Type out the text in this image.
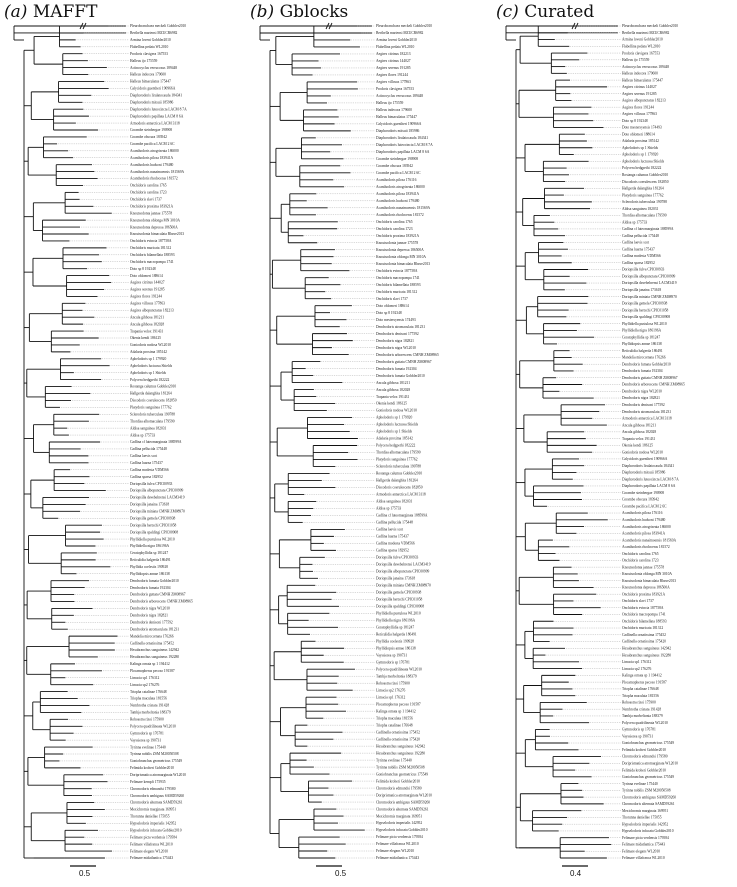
(a) MAFFT
Pleurobranchaea meckeli Gobbler2010
Berthella martensi MZUCR6982
Armina loveni Gobbler2010
Flabellina pedata WL2010
Prodoris clavigera 167553
Halleus ijo 175559
Actinocyclus verrucosus 189448
Halleus indecora 179600
Halleus bimaculatus 175447
Calycidoris guentheri 190966A
Diaphorodoris lirulatocauda 184341
Diaphorodoris mitsuii 185986
Diaphorodoris luteocincta LACM 8 7A
Diaphorodoris papillata LACM 8 6A
Armodoris antarctica LACM 3118
Corambe steinbergae 190908
Corambe obscura 183942
Corambe pacifica LACM 2 6C
Acanthodoris atrogriseata 186000
Acanthodoris pilosa 183941A
Acanthodoris hudsoni 179480
Acanthodoris nanaimoensis 181569A
Acanthodoris rhodoceras 181572
Onchidoris carolina 1765
Onchidoris carolina 1723
Onchidoris slavi 1737
Onchidoris proxima 183921A
Knoutsodonta jannae 175578
Knoutsodonta oblonga MN 3010A
Knoutsodonta depressa 186500A
Knoutsodonta bimaculata Bhave2013
Onchidoris evincta 187758A
Onchidoris muricata 181312
Onchidoris bilamellata 188593
Onchidoris macropompa 1741
Doto sp 8 192348
Doto oblomeri 188614
Aegires citrinus 144027
Aegires serenus 191285
Aegires flores 191244
Aegires villosus 177863
Aegires albopunctatus 182213
Ancula gibbosa 181211
Ancula gibbosa 182028
Trapania velox 191431
Okenia kendi 186125
Goniodoris nodosa WL2010
Adalaria proxima 185142
Aphelodoris sp 1 179920
Aphelodoris luctuosa Shields
Aphelodoris sp 1 Shields
Polycera hedgpethi 182222
Rostanga calumus Gobbler2010
Hallgerda dalanghita 181264
Discodoris coerulescens 182850
Platydoris sanguinea 177762
Sclerodoris tuberculata 190788
Thordisa albomaculata 179590
Aldisa sanguinea 182031
Aldisa sp 175733
Cadlina cf luteomarginata 188599A
Cadlina pellucida 175448
Cadlina laevis scot
Cadlina luarna 175437
Cadlina modesta VDM566
Cadlina sparsa 182952
Doriopsilla fulva CPIC00933
Doriopsilla albopunctata CPIC00909
Doriopsilla davebehrensi LACM3419
Doriopsilla janaina 173618
Doriopsilla miniata CMNH ZM08970
Doriopsilla gemela CPIC00938
Doriopsilla bertschi CPIC01058
Doriopsilla spaldingi CPIC00908
Phyllidiella pustulosa WL2010
Phyllidiella nigra 186196A
Ceratophyllidia sp 181247
Reticulidia halgerda 186491
Phyllidia coelestis 190928
Phyllidiopsis annae 186138
Dendrodoris fumata Gobbler2010
Dendrodoris fumata 192304
Dendrodoris guttata CMNH ZM08967
Dendrodoris arborescens CMNH ZM08965
Dendrodoris nigra WL2010
Dendrodoris nigra 182821
Dendrodoris denisoni 177592
Dendrodoris atromaculata 181231
Mandelia mirocornata 176266
Cadlinella ornatissima 175452
Hexabranchus sanguineus 142942
Hexabranchus sanguineus 192280
Kalinga ornata sp 1 194412
Plocamopherus pecoso 191587
Limacia sp1 176312
Limacia sp2 176276
Triopha catalinae 176648
Triopha maculata 181556
Nembrotha cristata 191428
Tambja morbeltonia 188379
Roboastra rizoi 175900
Polycera quadrilineata WL2010
Gymnodoris sp 176781
Vayssierea sp 190731
Tyrinna evelinae 175440
Tyrinna nobilis ZSM M20050508
Goniobranchus geometricus 175549
Felimida kroheri Gobbler2010
Doriprismatica atromarginata WL2010
Felimare kempfi 175935
Chromodoris edmundsi 179580
Chromodoris ambiguus SAMD59260
Chromodoris alternata SAMD59261
Mexichromis marginata 169951
Thorunna daniellae 175055
Hypselodoris imperialis 142952
Hypselodoris infucata Gobbler2010
Felimare picta verdensis 179584
Felimare villafranca WL2010
Felimare elegans WL2010
Felimare midatlantica 175443
0.5
(b) Gblocks
Pleurobranchaea meckeli Gobbler2010
Berthella martensi MZUCR6982
Armina loveni Gobbler2010
Flabellina pedata WL2010
Aegires citrinus 182213
Aegires citrinus 144027
Aegires serenus 191285
Aegires flores 191244
Aegires villosus 177863
Prodoris clavigera 167553
Actinocyclus verrucosus 189448
Halleus ijo 175559
Halleus indecora 179600
Halleus bimaculatus 175447
Calycidoris guentheri 190966A
Diaphorodoris mitsuii 185986
Diaphorodoris lirulatocauda 184341
Diaphorodoris luteocincta LACM 8 7A
Diaphorodoris papillata LACM 8 6A
Corambe steinbergae 190908
Corambe obscura 183942
Corambe pacifica LACM 2 6C
Acanthodoris pilosa 176116
Acanthodoris atrogriseata 186000
Acanthodoris pilosa 183941A
Acanthodoris hudsoni 179480
Acanthodoris nanaimoensis 181569A
Acanthodoris rhodoceras 181572
Onchidoris carolina 1765
Onchidoris carolina 1723
Onchidoris proxima 183921A
Knoutsodonta jannae 175578
Knoutsodonta depressa 186500A
Knoutsodonta oblonga MN 3010A
Knoutsodonta bimaculata Bhave2013
Onchidoris evincta 187758A
Onchidoris macropompa 1741
Onchidoris bilamellata 188593
Onchidoris muricata 181312
Onchidoris slavi 1737
Doto oblomeri 188614
Doto sp 8 192348
Doto mestersyensis 174493
Dendrodoris atromaculata 181231
Dendrodoris denisoni 177592
Dendrodoris nigra 182821
Dendrodoris nigra WL2010
Dendrodoris arborescens CMNH ZM08965
Dendrodoris guttata CMNH ZM08967
Dendrodoris fumata 192304
Dendrodoris fumata Gobbler2010
Ancula gibbosa 181211
Ancula gibbosa 182028
Trapania velox 191431
Okenia kendi 186125
Goniodoris nodosa WL2010
Aphelodoris sp 1 179920
Aphelodoris luctuosa Shields
Aphelodoris sp 1 Shields
Adalaria proxima 185142
Polycera hedgpethi 182222
Thordisa albomaculata 179590
Platydoris sanguinea 177762
Sclerodoris tuberculata 190788
Rostanga calumus Gobbler2010
Hallgerda dalanghita 181264
Discodoris coerulescens 182850
Armodoris antarctica LACM 3118
Aldisa sanguinea 182031
Aldisa sp 175733
Cadlina cf luteomarginata 188599A
Cadlina pellucida 175448
Cadlina laevis scot
Cadlina luarna 175437
Cadlina modesta VDM566
Cadlina sparsa 182952
Doriopsilla fulva CPIC00933
Doriopsilla davebehrensi LACM3419
Doriopsilla albopunctata CPIC00909
Doriopsilla janaina 173618
Doriopsilla miniata CMNH ZM08970
Doriopsilla gemela CPIC00938
Doriopsilla bertschi CPIC01058
Doriopsilla spaldingi CPIC00908
Phyllidiella pustulosa WL2010
Phyllidiella nigra 186196A
Ceratophyllidia sp 181247
Reticulidia halgerda 186491
Phyllidia coelestis 190928
Phyllidiopsis annae 186138
Vayssierea sp 190731
Gymnodoris sp 176781
Polycera quadrilineata WL2010
Tambja morbeltonia 188379
Roboastra rizoi 175900
Limacia sp2 176276
Limacia sp1 176312
Plocamopherus pecoso 191587
Kalinga ornata sp 1 194412
Triopha maculata 181556
Triopha catalinae 176648
Cadlinella ornatissima 175452
Cadlinella ornatissima 175420
Hexabranchus sanguineus 142942
Hexabranchus sanguineus 192280
Tyrinna evelinae 175440
Tyrinna nobilis ZSM M20050508
Goniobranchus geometricus 175549
Felimida kroheri Gobbler2010
Chromodoris edmundsi 179580
Doriprismatica atromarginata WL2010
Chromodoris ambiguus SAMD59260
Chromodoris alternata SAMD59261
Mexichromis marginata 169951
Hypselodoris imperialis 142952
Hypselodoris infucata Gobbler2010
Felimare picta verdensis 179584
Felimare villafranca WL2010
Felimare elegans WL2010
Felimare midatlantica 175443
0.5
(c) Curated
Pleurobranchaea meckeli Gobbler2010
Berthella martensi MZUCR6982
Armina loveni Gobbler2010
Flabellina pedata WL2010
Prodoris clavigera 167553
Halleus ijo 175559
Actinocyclus verrucosus 189448
Halleus indecora 179600
Halleus bimaculatus 175447
Aegires citrinus 144027
Aegires serenus 191285
Aegires albopunctatus 182213
Aegires flores 191244
Aegires villosus 177863
Doto sp 8 192348
Doto mestersyensis 174493
Doto oblomeri 188614
Adalaria proxima 185142
Aphelodoris sp 1 Shields
Aphelodoris sp 1 179920
Aphelodoris luctuosa Shields
Polycera hedgpethi 182222
Rostanga calumus Gobbler2010
Discodoris coerulescens 182850
Hallgerda dalanghita 181264
Platydoris sanguinea 177762
Sclerodoris tuberculata 190788
Aldisa sanguinea 182031
Thordisa albomaculata 179590
Aldisa sp 175733
Cadlina cf luteomarginata 188599A
Cadlina pellucida 175448
Cadlina laevis scot
Cadlina luarna 175437
Cadlina modesta VDM566
Cadlina sparsa 182952
Doriopsilla fulva CPIC00933
Doriopsilla albopunctata CPIC00909
Doriopsilla davebehrensi LACM3419
Doriopsilla janaina 173618
Doriopsilla miniata CMNH ZM08970
Doriopsilla gemela CPIC00938
Doriopsilla bertschi CPIC01058
Doriopsilla spaldingi CPIC00908
Phyllidiella pustulosa WL2010
Phyllidiella nigra 186196A
Ceratophyllidia sp 181247
Phyllidiopsis annae 186138
Reticulidia halgerda 186491
Mandelia mirocornata 176266
Dendrodoris fumata Gobbler2010
Dendrodoris fumata 192304
Dendrodoris guttata CMNH ZM08967
Dendrodoris arborescens CMNH ZM08965
Dendrodoris nigra WL2010
Dendrodoris nigra 182821
Dendrodoris denisoni 177592
Dendrodoris atromaculata 181231
Armodoris antarctica LACM 3118
Ancula gibbosa 181211
Ancula gibbosa 182028
Trapania velox 191431
Okenia kendi 186125
Goniodoris nodosa WL2010
Calycidoris guentheri 190966A
Diaphorodoris lirulatocauda 184341
Diaphorodoris mitsuii 185986
Diaphorodoris luteocincta LACM 8 7A
Diaphorodoris papillata LACM 8 6A
Corambe steinbergae 190908
Corambe obscura 183942
Corambe pacifica LACM 2 6C
Acanthodoris pilosa 176116
Acanthodoris hudsoni 179480
Acanthodoris atrogriseata 186000
Acanthodoris pilosa 183941A
Acanthodoris nanaimoensis 181569A
Acanthodoris rhodoceras 181572
Onchidoris carolina 1765
Onchidoris carolina 1723
Knoutsodonta jannae 175578
Knoutsodonta oblonga MN 3010A
Knoutsodonta bimaculata Bhave2013
Knoutsodonta depressa 186500A
Onchidoris proxima 183921A
Onchidoris slavi 1737
Onchidoris evincta 187758A
Onchidoris macropompa 1741
Onchidoris bilamellata 188593
Onchidoris muricata 181312
Cadlinella ornatissima 175452
Cadlinella ornatissima 175420
Hexabranchus sanguineus 142942
Hexabranchus sanguineus 192280
Limacia sp1 176312
Limacia sp2 176276
Kalinga ornata sp 1 194412
Plocamopherus pecoso 191587
Triopha catalinae 176648
Triopha maculata 181556
Roboastra rizoi 175900
Nembrotha cristata 191428
Tambja morbeltonia 188379
Polycera quadrilineata WL2010
Gymnodoris sp 176781
Vayssierea sp 190731
Goniobranchus geometricus 175549
Felimida kroheri Gobbler2010
Chromodoris edmundsi 179580
Doriprismatica atromarginata WL2010
Felimida kroheri Gobbler2010
Goniobranchus geometricus 175549
Tyrinna evelinae 175440
Tyrinna nobilis ZSM M20050508
Chromodoris ambiguus SAMD59260
Chromodoris alternata SAMD59261
Mexichromis marginata 169951
Thorunna daniellae 175055
Hypselodoris imperialis 142952
Hypselodoris infucata Gobbler2010
Felimare picta verdensis 179584
Felimare midatlantica 175443
Felimare elegans WL2010
Felimare villafranca WL2010
0.4
